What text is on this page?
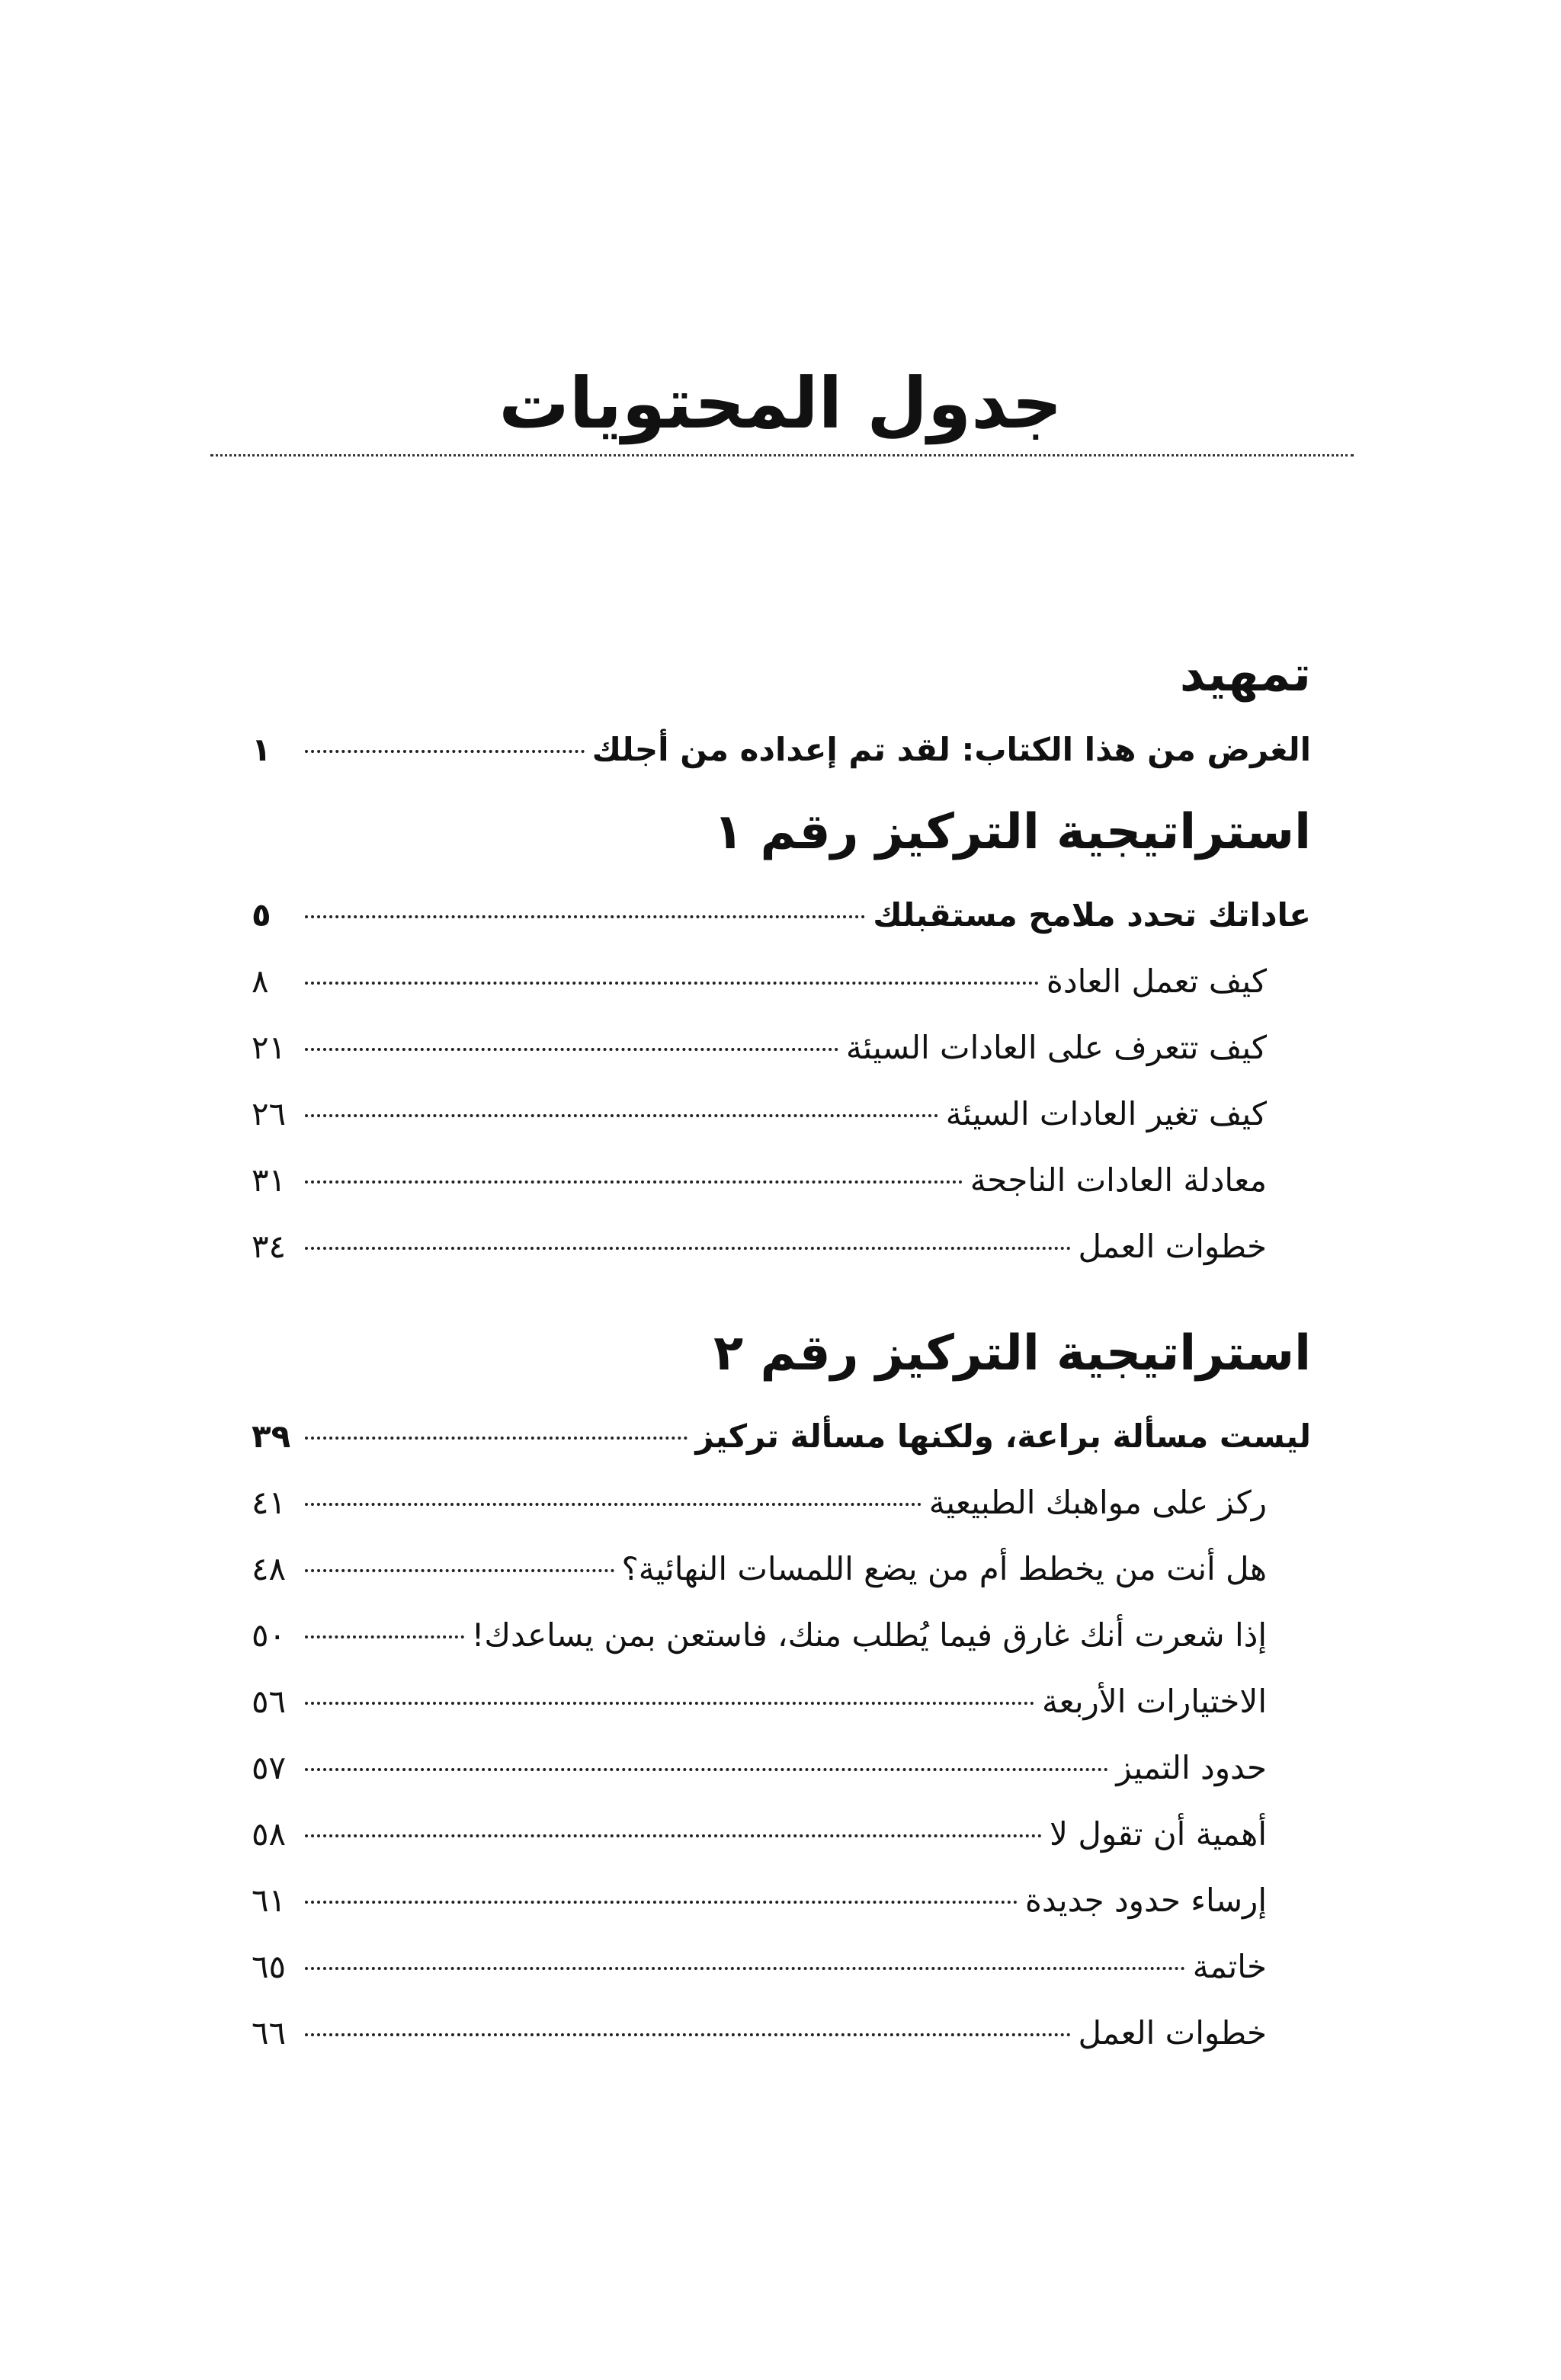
جدول المحتويات
تمهيد
الغرض من هذا الكتاب: لقد تم إعداده من أجلك
١
استراتيجية التركيز رقم ١
عاداتك تحدد ملامح مستقبلك
٥
كيف تعمل العادة
٨
كيف تتعرف على العادات السيئة
٢١
كيف تغير العادات السيئة
٢٦
معادلة العادات الناجحة
٣١
خطوات العمل
٣٤
استراتيجية التركيز رقم ٢
ليست مسألة براعة، ولكنها مسألة تركيز
٣٩
ركز على مواهبك الطبيعية
٤١
هل أنت من يخطط أم من يضع اللمسات النهائية؟
٤٨
إذا شعرت أنك غارق فيما يُطلب منك، فاستعن بمن يساعدك!
٥٠
الاختيارات الأربعة
٥٦
حدود التميز
٥٧
أهمية أن تقول لا
٥٨
إرساء حدود جديدة
٦١
خاتمة
٦٥
خطوات العمل
٦٦
